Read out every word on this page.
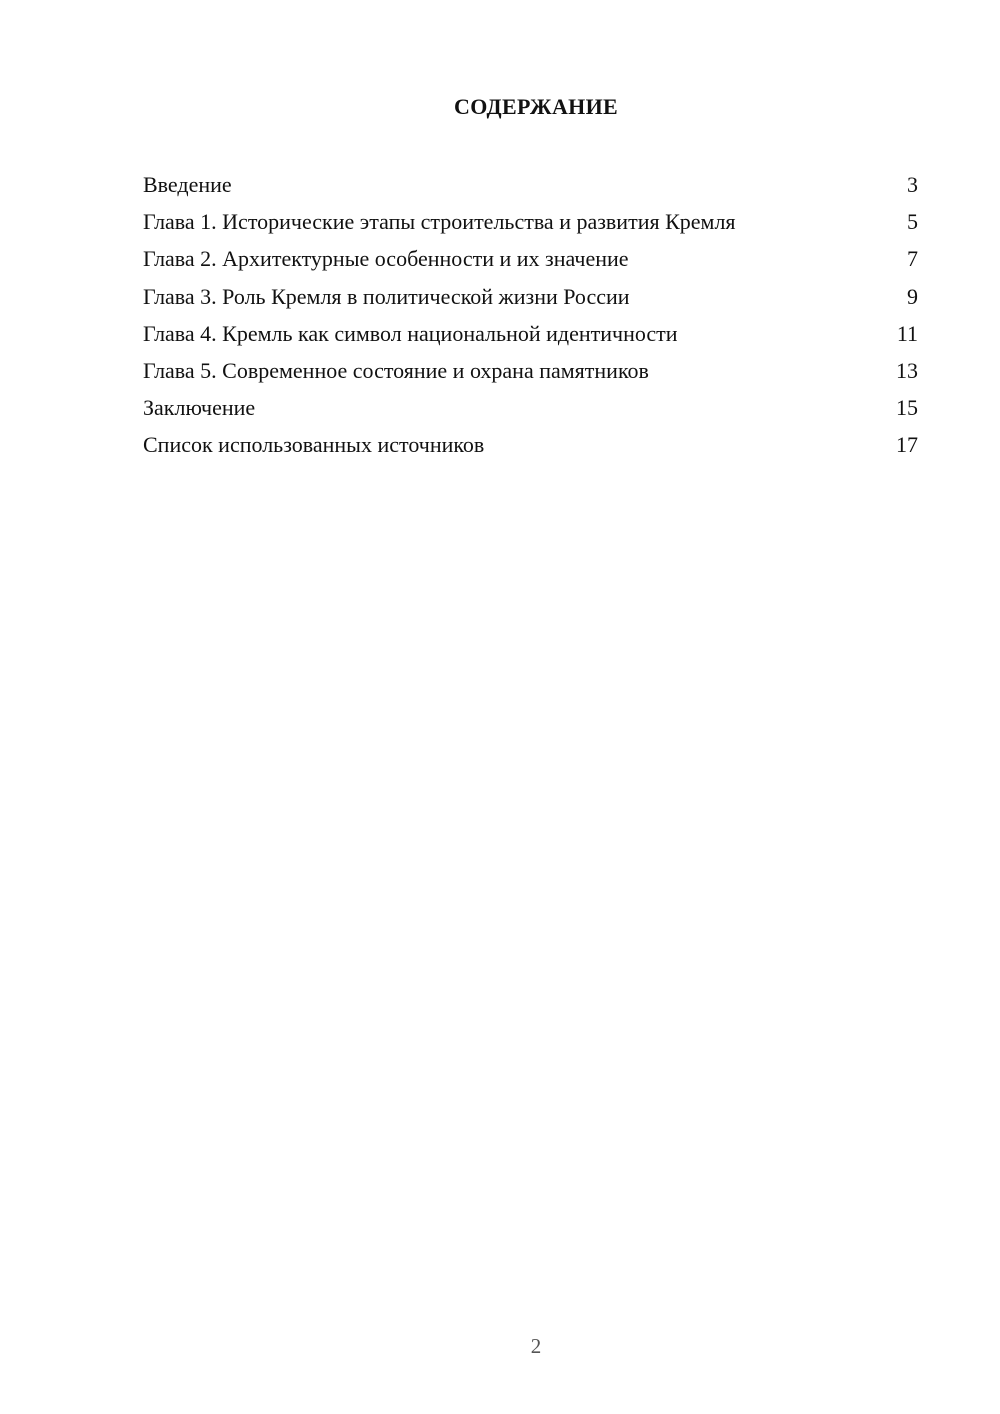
СОДЕРЖАНИЕ
Введение	3
Глава 1. Исторические этапы строительства и развития Кремля	5
Глава 2. Архитектурные особенности и их значение	7
Глава 3. Роль Кремля в политической жизни России	9
Глава 4. Кремль как символ национальной идентичности	11
Глава 5. Современное состояние и охрана памятников	13
Заключение	15
Список использованных источников	17
2
